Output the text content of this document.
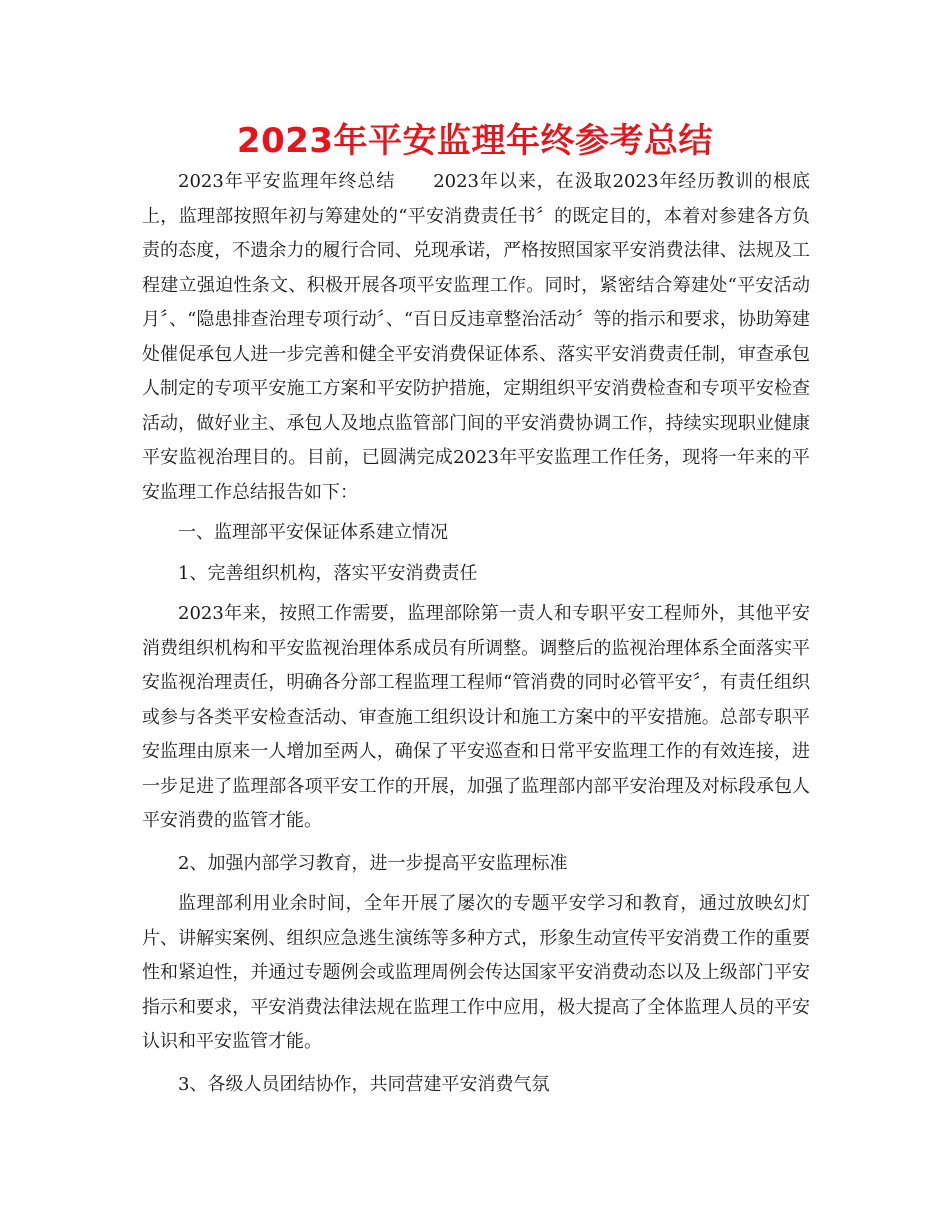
2023年平安监理年终参考总结

2023年平安监理年终总结　　2023年以来，在汲取2023年经历教训的根底上，监理部按照年初与筹建处的“平安消费责任书〞的既定目的，本着对参建各方负责的态度，不遗余力的履行合同、兑现承诺，严格按照国家平安消费法律、法规及工程建立强迫性条文、积极开展各项平安监理工作。同时，紧密结合筹建处“平安活动月〞、“隐患排查治理专项行动〞、“百日反违章整治活动〞等的指示和要求，协助筹建处催促承包人进一步完善和健全平安消费保证体系、落实平安消费责任制，审查承包人制定的专项平安施工方案和平安防护措施，定期组织平安消费检查和专项平安检查活动，做好业主、承包人及地点监管部门间的平安消费协调工作，持续实现职业健康平安监视治理目的。目前，已圆满完成2023年平安监理工作任务，现将一年来的平安监理工作总结报告如下：

一、监理部平安保证体系建立情况

1、完善组织机构，落实平安消费责任

2023年来，按照工作需要，监理部除第一责人和专职平安工程师外，其他平安消费组织机构和平安监视治理体系成员有所调整。调整后的监视治理体系全面落实平安监视治理责任，明确各分部工程监理工程师“管消费的同时必管平安〞，有责任组织或参与各类平安检查活动、审查施工组织设计和施工方案中的平安措施。总部专职平安监理由原来一人增加至两人，确保了平安巡查和日常平安监理工作的有效连接，进一步足进了监理部各项平安工作的开展，加强了监理部内部平安治理及对标段承包人平安消费的监管才能。

2、加强内部学习教育，进一步提高平安监理标准

监理部利用业余时间，全年开展了屡次的专题平安学习和教育，通过放映幻灯片、讲解实案例、组织应急逃生演练等多种方式，形象生动宣传平安消费工作的重要性和紧迫性，并通过专题例会或监理周例会传达国家平安消费动态以及上级部门平安指示和要求，平安消费法律法规在监理工作中应用，极大提高了全体监理人员的平安认识和平安监管才能。

3、各级人员团结协作，共同营建平安消费气氛
